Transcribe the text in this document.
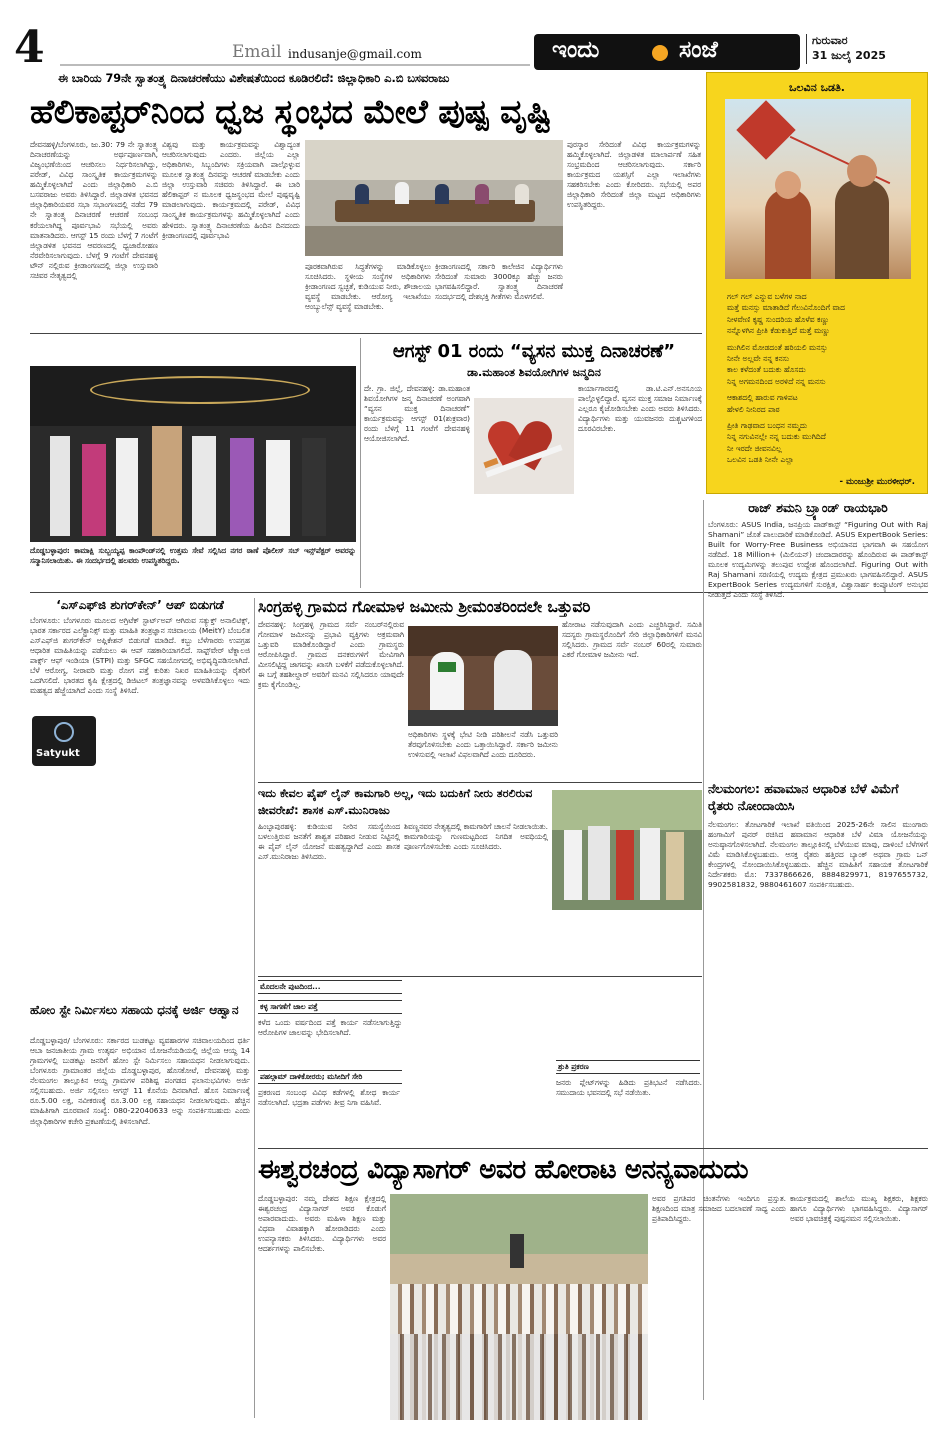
4	Email indusanje@gmail.com	ಇಂದು	ಸಂಜೆ	ಗುರುವಾರ
31 ಜುಲೈ 2025
ಈ ಬಾರಿಯ 79ನೇ ಸ್ವಾತಂತ್ರ್ಯ ದಿನಾಚರಣೆಯು ವಿಶೇಷತೆಯಿಂದ ಕೂಡಿರಲಿದೆ: ಜಿಲ್ಲಾಧಿಕಾರಿ ಎ.ಬಿ ಬಸವರಾಜು
ಹೆಲಿಕಾಪ್ಟರ್‌ನಿಂದ ಧ್ವಜ ಸ್ಥಂಭದ ಮೇಲೆ ಪುಷ್ಪ ವೃಷ್ಟಿ
ದೇವನಹಳ್ಳಿ/ಬೆಂಗಳೂರು, ಜು.30: 79 ನೇ ಸ್ವಾತಂತ್ರ್ಯ ದಿನಾಚರಣೆಯನ್ನು ಅರ್ಥಪೂರ್ಣವಾಗಿ, ವಿಜೃಂಭಣೆಯಿಂದ ಆಚರಿಸಲು ನಿರ್ಧರಿಸಲಾಗಿದ್ದು, ಪರೇಡ್, ವಿವಿಧ ಸಾಂಸ್ಕೃತಿಕ ಕಾರ್ಯಕ್ರಮಗಳನ್ನು ಹಮ್ಮಿಕೊಳ್ಳಲಾಗಿದೆ ಎಂದು ಜಿಲ್ಲಾಧಿಕಾರಿ ಎ.ಬಿ ಬಸವರಾಜು ಅವರು ತಿಳಿಸಿದ್ದಾರೆ. ಜಿಲ್ಲಾಡಳಿತ ಭವನದ ಜಿಲ್ಲಾಧಿಕಾರಿಯವರ ಸಭಾ ಸಭಾಂಗಣದಲ್ಲಿ ನಡೆದ 79 ನೇ ಸ್ವಾತಂತ್ರ್ಯ ದಿನಾಚರಣೆ ಆಚರಣೆ ಸಂಬಂಧ ಕರೆಯಲಾಗಿದ್ದ ಪೂರ್ವಭಾವಿ ಸಭೆಯಲ್ಲಿ ಅವರು ಮಾತನಾಡಿದರು. ಆಗಸ್ಟ್ 15 ರಂದು ಬೆಳಗ್ಗೆ 7 ಗಂಟೆಗೆ ಜಿಲ್ಲಾಡಳಿತ ಭವನದ ಆವರಣದಲ್ಲಿ ಧ್ವಜಾರೋಹಣ ನೆರವೇರಿಸಲಾಗುವುದು. ಬೆಳಗ್ಗೆ 9 ಗಂಟೆಗೆ ದೇವನಹಳ್ಳಿ ಟೌನ್ ನಲ್ಲಿರುವ ಕ್ರೀಡಾಂಗಣದಲ್ಲಿ ಜಿಲ್ಲಾ ಉಸ್ತುವಾರಿ ಸಚಿವರ ನೇತೃತ್ವದಲ್ಲಿ
ವಿಶ್ವವು ಮತ್ತು ಕಾರ್ಯಕ್ರಮವನ್ನು ವಿಶ್ವಾದ್ಯಂತ ಆಚರಿಸಲಾಗುವುದು ಎಂದರು. ಜಿಲ್ಲೆಯ ಎಲ್ಲಾ ಅಧಿಕಾರಿಗಳು, ಸಿಬ್ಬಂದಿಗಳು ಸಕ್ರಿಯವಾಗಿ ಪಾಲ್ಗೊಳ್ಳುವ ಮೂಲಕ ಸ್ವಾತಂತ್ರ್ಯ ದಿನವನ್ನು ಆಚರಣೆ ಮಾಡಬೇಕು ಎಂದು ಜಿಲ್ಲಾ ಉಸ್ತುವಾರಿ ಸಚಿವರು ತಿಳಿಸಿದ್ದಾರೆ. ಈ ಬಾರಿ ಹೆಲಿಕಾಪ್ಟರ್ ನ ಮೂಲಕ ಧ್ವಜಸ್ಥಂಭದ ಮೇಲೆ ಪುಷ್ಪವೃಷ್ಟಿ ಮಾಡಲಾಗುವುದು. ಕಾರ್ಯಕ್ರಮದಲ್ಲಿ ಪರೇಡ್, ವಿವಿಧ ಸಾಂಸ್ಕೃತಿಕ ಕಾರ್ಯಕ್ರಮಗಳನ್ನು ಹಮ್ಮಿಕೊಳ್ಳಲಾಗಿದೆ ಎಂದು ಹೇಳಿದರು. ಸ್ವಾತಂತ್ರ್ಯ ದಿನಾಚರಣೆಯ ಹಿಂದಿನ ದಿನದಂದು ಕ್ರೀಡಾಂಗಣದಲ್ಲಿ ಪೂರ್ವಭಾವಿ
ಪೂರಕವಾಗಿರುವ ಸಿದ್ಧತೆಗಳನ್ನು ಮಾಡಿಕೊಳ್ಳಲು ಸೂಚಿಸಿದರು. ಸ್ಥಳೀಯ ಸಂಸ್ಥೆಗಳ ಅಧಿಕಾರಿಗಳು ಕ್ರೀಡಾಂಗಣದ ಸ್ವಚ್ಛತೆ, ಕುಡಿಯುವ ನೀರು, ಶೌಚಾಲಯ ವ್ಯವಸ್ಥೆ ಮಾಡಬೇಕು. ಆರೋಗ್ಯ ಇಲಾಖೆಯು ಆಂಬ್ಯುಲೆನ್ಸ್ ವ್ಯವಸ್ಥೆ ಮಾಡಬೇಕು.
ಕ್ರೀಡಾಂಗಣದಲ್ಲಿ ಸರ್ಕಾರಿ ಕಾಲೇಜಿನ ವಿದ್ಯಾರ್ಥಿಗಳು ಸೇರಿದಂತೆ ಸುಮಾರು 3000ಕ್ಕೂ ಹೆಚ್ಚು ಜನರು ಭಾಗವಹಿಸಲಿದ್ದಾರೆ. ಸ್ವಾತಂತ್ರ್ಯ ದಿನಾಚರಣೆ ಸಂದರ್ಭದಲ್ಲಿ ದೇಶಭಕ್ತಿ ಗೀತೆಗಳು ಮೊಳಗಲಿವೆ.
ಪುರಸ್ಕಾರ ಸೇರಿದಂತೆ ವಿವಿಧ ಕಾರ್ಯಕ್ರಮಗಳನ್ನು ಹಮ್ಮಿಕೊಳ್ಳಲಾಗಿದೆ. ಜಿಲ್ಲಾಡಳಿತ ಮಾಲಾರ್ಪಣೆ ಸಹಿತ ಸಂಭ್ರಮದಿಂದ ಆಚರಿಸಲಾಗುವುದು. ಸರ್ಕಾರಿ ಕಾರ್ಯಕ್ರಮದ ಯಶಸ್ಸಿಗೆ ಎಲ್ಲಾ ಇಲಾಖೆಗಳು ಸಹಕರಿಸಬೇಕು ಎಂದು ಕೋರಿದರು. ಸಭೆಯಲ್ಲಿ ಅಪರ ಜಿಲ್ಲಾಧಿಕಾರಿ ಸೇರಿದಂತೆ ಜಿಲ್ಲಾ ಮಟ್ಟದ ಅಧಿಕಾರಿಗಳು ಉಪಸ್ಥಿತರಿದ್ದರು.
ಒಲವಿನ ಒಡತಿ.
ಗಲ್ ಗಲ್ ಎನ್ನುವ ಬಳೆಗಳ ನಾದ
ಮತ್ತೆ ಮನಸ್ಸು ಮಾತಾಡಿದೆ ಗೆಲುವಿನೊಂದಿಗೆ ವಾದ
ನೀಳವೇಣಿ ಕೃಷ್ಣ ಸುಂದರಿಯ ಹೊಳೆವ ಕಣ್ಣು
ನನ್ನೊಳಗಿನ ಪ್ರೀತಿ ಕೆಡುಕುತ್ತಿದೆ ಮತ್ತೆ ಮಣ್ಣು
ಮುಗಿಲಿನ ಮೋಡದಂತೆ ಹರಿಯಲಿ ಮನಸ್ಸು
ನೀನೇ ಅಲ್ಲವೇ ನನ್ನ ಕನಸು
ಕಾಲ ಕಳೆದಂತೆ ಬದುಕು ಹೊಸದು
ನಿನ್ನ ಅಗಮನದಿಂದ ಅರಳಿದೆ ನನ್ನ ಮನಸು
ಆಕಾಶದಲ್ಲಿ ಹಾರುವ ಗಾಳಿಪಟ
ಹೇಳಲಿ ನೀನಿರದ ಪಾಠ
ಪ್ರೀತಿ ಗಾಢವಾದ ಬಂಧನ ನಮ್ಮದು
ನಿನ್ನ ನಗುವಿನಲ್ಲೇ ನನ್ನ ಬದುಕು ಮುಗಿದಿದೆ
ನೀ ಇರದೇ ಜೀವನವಿಲ್ಲ
ಒಲವಿನ ಒಡತಿ ನೀನೇ ಎಲ್ಲಾ
- ಮಂಜುಶ್ರೀ ಮುರಳೀಧರ್.
ದೊಡ್ಡಬಳ್ಳಾಪುರ: ಕಾಮಾಕ್ಷಿ ಸುಬ್ಬಯ್ಯಪ್ಪ ಕಾಂಪೌಂಡ್‌ನಲ್ಲಿ ಉತ್ತಮ ಸೇವೆ ಸಲ್ಲಿಸಿದ ನಗರ ಠಾಣೆ ಪೊಲೀಸ್ ಸಬ್ ಇನ್ಸ್‌ಪೆಕ್ಟರ್ ಅವರನ್ನು ಸನ್ಮಾನಿಸಲಾಯಿತು. ಈ ಸಂದರ್ಭದಲ್ಲಿ ಹಲವರು ಉಪಸ್ಥಿತರಿದ್ದರು.
ಆಗಸ್ಟ್ 01 ರಂದು “ವ್ಯಸನ ಮುಕ್ತ ದಿನಾಚರಣೆ”
ಡಾ.ಮಹಾಂತ ಶಿವಯೋಗಿಗಳ ಜನ್ಮದಿನ
ದೇ. ಗ್ರಾ. ಜಿಲ್ಲೆ, ದೇವನಹಳ್ಳಿ: ಡಾ.ಮಹಾಂತ ಶಿವಯೋಗಿಗಳ ಜನ್ಮ ದಿನಾಚರಣೆ ಅಂಗವಾಗಿ “ವ್ಯಸನ ಮುಕ್ತ ದಿನಾಚರಣೆ” ಕಾರ್ಯಕ್ರಮವನ್ನು ಆಗಸ್ಟ್ 01(ಶುಕ್ರವಾರ) ರಂದು ಬೆಳಿಗ್ಗೆ 11 ಗಂಟೆಗೆ ದೇವನಹಳ್ಳಿ ಆಯೋಜಿಸಲಾಗಿದೆ.
ಕಾರ್ಯಾಗಾರದಲ್ಲಿ ಡಾ.ಟಿ.ಎನ್.ಅನಸೂಯ ಪಾಲ್ಗೊಳ್ಳಲಿದ್ದಾರೆ. ವ್ಯಸನ ಮುಕ್ತ ಸಮಾಜ ನಿರ್ಮಾಣಕ್ಕೆ ಎಲ್ಲರೂ ಕೈಜೋಡಿಸಬೇಕು ಎಂದು ಅವರು ತಿಳಿಸಿದರು. ವಿದ್ಯಾರ್ಥಿಗಳು ಮತ್ತು ಯುವಜನರು ದುಶ್ಚಟಗಳಿಂದ ದೂರವಿರಬೇಕು.
ರಾಜ್ ಶಮನಿ ಬ್ರ್ಯಾಂಡ್ ರಾಯಭಾರಿ
ಬೆಂಗಳೂರು: ASUS India, ಜನಪ್ರಿಯ ಪಾಡ್‌ಕಾಸ್ಟ್ “Figuring Out with Raj Shamani” ಜೊತೆ ಪಾಲುದಾರಿಕೆ ಮಾಡಿಕೊಂಡಿದೆ. ASUS ExpertBook Series: Built for Worry-Free Business ಅಭಿಯಾನದ ಭಾಗವಾಗಿ ಈ ಸಹಯೋಗ ನಡೆದಿದೆ. 18 Million+ (ಮಿಲಿಯನ್) ಚಂದಾದಾರರನ್ನು ಹೊಂದಿರುವ ಈ ಪಾಡ್‌ಕಾಸ್ಟ್ ಮೂಲಕ ಉದ್ಯಮಿಗಳನ್ನು ತಲುಪುವ ಉದ್ದೇಶ ಹೊಂದಲಾಗಿದೆ. Figuring Out with Raj Shamani ಸರಣಿಯಲ್ಲಿ ಉದ್ಯಮ ಕ್ಷೇತ್ರದ ಪ್ರಮುಖರು ಭಾಗವಹಿಸಲಿದ್ದಾರೆ. ASUS ExpertBook Series ಉದ್ಯಮಗಳಿಗೆ ಸುರಕ್ಷಿತ, ವಿಶ್ವಾಸಾರ್ಹ ಕಂಪ್ಯೂಟಿಂಗ್ ಅನುಭವ ನೀಡುತ್ತದೆ ಎಂದು ಸಂಸ್ಥೆ ತಿಳಿಸಿದೆ.
ನೆಲಮಂಗಲ: ಹವಾಮಾನ ಆಧಾರಿತ ಬೆಳೆ ವಿಮೆಗೆ ರೈತರು ನೋಂದಾಯಿಸಿ
ನೆಲಮಂಗಲ: ತೋಟಗಾರಿಕೆ ಇಲಾಖೆ ವತಿಯಿಂದ 2025-26ನೇ ಸಾಲಿನ ಮುಂಗಾರು ಹಂಗಾಮಿಗೆ ಪುನರ್ ರಚಿಸಿದ ಹವಾಮಾನ ಆಧಾರಿತ ಬೆಳೆ ವಿಮಾ ಯೋಜನೆಯನ್ನು ಅನುಷ್ಠಾನಗೊಳಿಸಲಾಗಿದೆ. ನೆಲಮಂಗಲ ತಾಲ್ಲೂಕಿನಲ್ಲಿ ಬೆಳೆಯುವ ಮಾವು, ದಾಳಿಂಬೆ ಬೆಳೆಗಳಿಗೆ ವಿಮೆ ಮಾಡಿಸಿಕೊಳ್ಳಬಹುದು. ಆಸಕ್ತ ರೈತರು ಹತ್ತಿರದ ಬ್ಯಾಂಕ್ ಅಥವಾ ಗ್ರಾಮ ಒನ್ ಕೇಂದ್ರಗಳಲ್ಲಿ ನೋಂದಾಯಿಸಿಕೊಳ್ಳಬಹುದು. ಹೆಚ್ಚಿನ ಮಾಹಿತಿಗೆ ಸಹಾಯಕ ತೋಟಗಾರಿಕೆ ನಿರ್ದೇಶಕರು ಮೊ: 7337866626, 8884829971, 8197655732, 9902581832, 9880461607 ಸಂಪರ್ಕಿಸಬಹುದು.
‘ಎಸ್‌ಎಫ್‌ಜಿ ಶುಗರ್‌ಕೇನ್’ ಆಪ್ ಬಿಡುಗಡೆ
Satyukt
ಬೆಂಗಳೂರು: ಬೆಂಗಳೂರು ಮೂಲದ ಅಗ್ರಿಟೆಕ್ ಸ್ಟಾರ್ಟ್‌ಅಪ್ ಆಗಿರುವ ಸತ್ಯುಕ್ತ್ ಅನಾಲಿಟಿಕ್ಸ್, ಭಾರತ ಸರ್ಕಾರದ ಎಲೆಕ್ಟ್ರಾನಿಕ್ಸ್ ಮತ್ತು ಮಾಹಿತಿ ತಂತ್ರಜ್ಞಾನ ಸಚಿವಾಲಯ (MeitY) ಬೆಂಬಲಿತ ಎಸ್‌ಎಫ್‌ಜಿ ಶುಗರ್‌ಕೇನ್ ಅಪ್ಲಿಕೇಶನ್ ಬಿಡುಗಡೆ ಮಾಡಿದೆ. ಕಬ್ಬು ಬೆಳೆಗಾರರು ಉಪಗ್ರಹ ಆಧಾರಿತ ಮಾಹಿತಿಯನ್ನು ಪಡೆಯಲು ಈ ಆಪ್ ಸಹಕಾರಿಯಾಗಲಿದೆ. ಸಾಫ್ಟ್‌ವೇರ್ ಟೆಕ್ನಾಲಜಿ ಪಾರ್ಕ್ಸ್ ಆಫ್ ಇಂಡಿಯಾ (STPI) ಮತ್ತು SFGC ಸಹಯೋಗದಲ್ಲಿ ಅಭಿವೃದ್ಧಿಪಡಿಸಲಾಗಿದೆ. ಬೆಳೆ ಆರೋಗ್ಯ, ನೀರಾವರಿ ಮತ್ತು ರೋಗ ಪತ್ತೆ ಕುರಿತು ನಿಖರ ಮಾಹಿತಿಯನ್ನು ರೈತರಿಗೆ ಒದಗಿಸಲಿದೆ. ಭಾರತದ ಕೃಷಿ ಕ್ಷೇತ್ರದಲ್ಲಿ ಡಿಜಿಟಲ್ ತಂತ್ರಜ್ಞಾನವನ್ನು ಅಳವಡಿಸಿಕೊಳ್ಳಲು ಇದು ಮಹತ್ವದ ಹೆಜ್ಜೆಯಾಗಿದೆ ಎಂದು ಸಂಸ್ಥೆ ತಿಳಿಸಿದೆ.
ಹೋಂ ಸ್ಟೇ ನಿರ್ಮಿಸಲು ಸಹಾಯ ಧನಕ್ಕೆ ಅರ್ಜಿ ಆಹ್ವಾನ
ದೊಡ್ಡಬಳ್ಳಾಪುರ/ ಬೆಂಗಳೂರು: ಸರ್ಕಾರದ ಬುಡಕಟ್ಟು ವ್ಯವಹಾರಗಳ ಸಚಿವಾಲಯದಿಂದ ಧರ್ತಿ ಆಬಾ ಜನಜಾತೀಯ ಗ್ರಾಮ ಉತ್ಕರ್ಷ ಅಭಿಯಾನ ಯೋಜನೆಯಡಿಯಲ್ಲಿ ಜಿಲ್ಲೆಯ ಆಯ್ದ 14 ಗ್ರಾಮಗಳಲ್ಲಿ ಬುಡಕಟ್ಟು ಜನರಿಗೆ ಹೋಂ ಸ್ಟೇ ನಿರ್ಮಿಸಲು ಸಹಾಯಧನ ನೀಡಲಾಗುವುದು. ಬೆಂಗಳೂರು ಗ್ರಾಮಾಂತರ ಜಿಲ್ಲೆಯ ದೊಡ್ಡಬಳ್ಳಾಪುರ, ಹೊಸಕೋಟೆ, ದೇವನಹಳ್ಳಿ ಮತ್ತು ನೆಲಮಂಗಲ ತಾಲ್ಲೂಕಿನ ಆಯ್ದ ಗ್ರಾಮಗಳ ಪರಿಶಿಷ್ಟ ಪಂಗಡದ ಫಲಾನುಭವಿಗಳು ಅರ್ಜಿ ಸಲ್ಲಿಸಬಹುದು. ಅರ್ಜಿ ಸಲ್ಲಿಸಲು ಆಗಸ್ಟ್ 11 ಕೊನೆಯ ದಿನವಾಗಿದೆ. ಹೊಸ ನಿರ್ಮಾಣಕ್ಕೆ ರೂ.5.00 ಲಕ್ಷ, ನವೀಕರಣಕ್ಕೆ ರೂ.3.00 ಲಕ್ಷ ಸಹಾಯಧನ ನೀಡಲಾಗುವುದು. ಹೆಚ್ಚಿನ ಮಾಹಿತಿಗಾಗಿ ದೂರವಾಣಿ ಸಂಖ್ಯೆ: 080-22040633 ಅನ್ನು ಸಂಪರ್ಕಿಸಬಹುದು ಎಂದು ಜಿಲ್ಲಾಧಿಕಾರಿಗಳ ಕಚೇರಿ ಪ್ರಕಟಣೆಯಲ್ಲಿ ತಿಳಿಸಲಾಗಿದೆ.
ಸಿಂಗ್ರಹಳ್ಳಿ ಗ್ರಾಮದ ಗೋಮಾಳ ಜಮೀನು ಶ್ರೀಮಂತರಿಂದಲೇ ಒತ್ತುವರಿ
ದೇವನಹಳ್ಳಿ: ಸಿಂಗ್ರಹಳ್ಳಿ ಗ್ರಾಮದ ಸರ್ವೆ ನಂಬರ್‌ನಲ್ಲಿರುವ ಗೋಮಾಳ ಜಮೀನನ್ನು ಪ್ರಭಾವಿ ವ್ಯಕ್ತಿಗಳು ಅಕ್ರಮವಾಗಿ ಒತ್ತುವರಿ ಮಾಡಿಕೊಂಡಿದ್ದಾರೆ ಎಂದು ಗ್ರಾಮಸ್ಥರು ಆರೋಪಿಸಿದ್ದಾರೆ. ಗ್ರಾಮದ ದನಕರುಗಳಿಗೆ ಮೇವಿಗಾಗಿ ಮೀಸಲಿಟ್ಟಿದ್ದ ಜಾಗವನ್ನು ಖಾಸಗಿ ಬಳಕೆಗೆ ಪಡೆದುಕೊಳ್ಳಲಾಗಿದೆ. ಈ ಬಗ್ಗೆ ತಹಶೀಲ್ದಾರ್ ಅವರಿಗೆ ಮನವಿ ಸಲ್ಲಿಸಿದರೂ ಯಾವುದೇ ಕ್ರಮ ಕೈಗೊಂಡಿಲ್ಲ.
ಅಧಿಕಾರಿಗಳು ಸ್ಥಳಕ್ಕೆ ಭೇಟಿ ನೀಡಿ ಪರಿಶೀಲನೆ ನಡೆಸಿ ಒತ್ತುವರಿ ತೆರವುಗೊಳಿಸಬೇಕು ಎಂದು ಒತ್ತಾಯಿಸಿದ್ದಾರೆ. ಸರ್ಕಾರಿ ಜಮೀನು ಉಳಿಸುವಲ್ಲಿ ಇಲಾಖೆ ವಿಫಲವಾಗಿದೆ ಎಂದು ದೂರಿದರು.
ಹೋರಾಟ ನಡೆಸುವುದಾಗಿ ಎಂದು ಎಚ್ಚರಿಸಿದ್ದಾರೆ. ಸಮಿತಿ ಸದಸ್ಯರು ಗ್ರಾಮಸ್ಥರೊಂದಿಗೆ ಸೇರಿ ಜಿಲ್ಲಾಧಿಕಾರಿಗಳಿಗೆ ಮನವಿ ಸಲ್ಲಿಸಿದರು. ಗ್ರಾಮದ ಸರ್ವೆ ನಂಬರ್ 60ರಲ್ಲಿ ಸುಮಾರು ಎಕರೆ ಗೋಮಾಳ ಜಮೀನು ಇದೆ.
ಇದು ಕೇವಲ ಪೈಪ್ ಲೈನ್ ಕಾಮಗಾರಿ ಅಲ್ಲ, ಇದು ಬದುಕಿಗೆ ನೀರು ತರಲಿರುವ ಜೀವರೇಖೆ: ಶಾಸಕ ಎಸ್.ಮುನಿರಾಜು
ಹಿಂಬ್ಳಾಪುರಹಳ್ಳಿ: ಕುಡಿಯುವ ನೀರಿನ ಸಮಸ್ಯೆಯಿಂದ ಬಳಲುತ್ತಿರುವ ಜನತೆಗೆ ಶಾಶ್ವತ ಪರಿಹಾರ ನೀಡುವ ನಿಟ್ಟಿನಲ್ಲಿ ಈ ಪೈಪ್ ಲೈನ್ ಯೋಜನೆ ಮಹತ್ವದ್ದಾಗಿದೆ ಎಂದು ಶಾಸಕ ಎಸ್.ಮುನಿರಾಜು ತಿಳಿಸಿದರು.
ಶಿವಣ್ಣನವರ ನೇತೃತ್ವದಲ್ಲಿ ಕಾಮಗಾರಿಗೆ ಚಾಲನೆ ನೀಡಲಾಯಿತು. ಕಾಮಗಾರಿಯನ್ನು ಗುಣಮಟ್ಟದಿಂದ ನಿಗದಿತ ಅವಧಿಯಲ್ಲಿ ಪೂರ್ಣಗೊಳಿಸಬೇಕು ಎಂದು ಸೂಚಿಸಿದರು.
ಮೊದಲನೇ ಪುಟದಿಂದ...
ಕಳ್ಳ ಸಾಗಣೆಗೆ ಜಾಲ ಪತ್ತೆ
ಕಳೆದ ಒಂದು ವರ್ಷದಿಂದ ಪತ್ತೆ ಕಾರ್ಯ ನಡೆಸಲಾಗುತ್ತಿದ್ದು ಆರೋಪಿಗಳ ಜಾಲವನ್ನು ಭೇದಿಸಲಾಗಿದೆ.
ಪಹಲ್ಗಾಮ್ ದಾಳಿಕೋರರು; ಮಸೀದಿಗೆ ಸೇರಿ
ಪ್ರಕರಣದ ಸಂಬಂಧ ವಿವಿಧ ಕಡೆಗಳಲ್ಲಿ ಶೋಧ ಕಾರ್ಯ ನಡೆಸಲಾಗಿದೆ. ಭದ್ರತಾ ಪಡೆಗಳು ತೀವ್ರ ನಿಗಾ ವಹಿಸಿವೆ.
ಶ್ರುತಿ ಪ್ರಕರಣ
ಜನರು ಪ್ಲೇಟ್‌ಗಳನ್ನು ಹಿಡಿದು ಪ್ರತಿಭಟನೆ ನಡೆಸಿದರು. ಸಮುದಾಯ ಭವನದಲ್ಲಿ ಸಭೆ ನಡೆಯಿತು.
ಈಶ್ವರಚಂದ್ರ ವಿದ್ಯಾಸಾಗರ್ ಅವರ ಹೋರಾಟ ಅನನ್ಯವಾದುದು
ದೊಡ್ಡಬಳ್ಳಾಪುರ: ನಮ್ಮ ದೇಶದ ಶಿಕ್ಷಣ ಕ್ಷೇತ್ರದಲ್ಲಿ ಈಶ್ವರಚಂದ್ರ ವಿದ್ಯಾಸಾಗರ್ ಅವರ ಕೊಡುಗೆ ಅಪಾರವಾದುದು. ಅವರು ಮಹಿಳಾ ಶಿಕ್ಷಣ ಮತ್ತು ವಿಧವಾ ವಿವಾಹಕ್ಕಾಗಿ ಹೋರಾಡಿದರು ಎಂದು ಉಪನ್ಯಾಸಕರು ತಿಳಿಸಿದರು. ವಿದ್ಯಾರ್ಥಿಗಳು ಅವರ ಆದರ್ಶಗಳನ್ನು ಪಾಲಿಸಬೇಕು.
ಅವರ ಪ್ರಗತಿಪರ ಚಿಂತನೆಗಳು ಇಂದಿಗೂ ಪ್ರಸ್ತುತ. ಶಿಕ್ಷಣದಿಂದ ಮಾತ್ರ ಸಮಾಜದ ಬದಲಾವಣೆ ಸಾಧ್ಯ ಎಂದು ಪ್ರತಿಪಾದಿಸಿದ್ದರು.
ಕಾರ್ಯಕ್ರಮದಲ್ಲಿ ಶಾಲೆಯ ಮುಖ್ಯ ಶಿಕ್ಷಕರು, ಶಿಕ್ಷಕರು ಹಾಗೂ ವಿದ್ಯಾರ್ಥಿಗಳು ಭಾಗವಹಿಸಿದ್ದರು. ವಿದ್ಯಾಸಾಗರ್ ಅವರ ಭಾವಚಿತ್ರಕ್ಕೆ ಪುಷ್ಪನಮನ ಸಲ್ಲಿಸಲಾಯಿತು.
